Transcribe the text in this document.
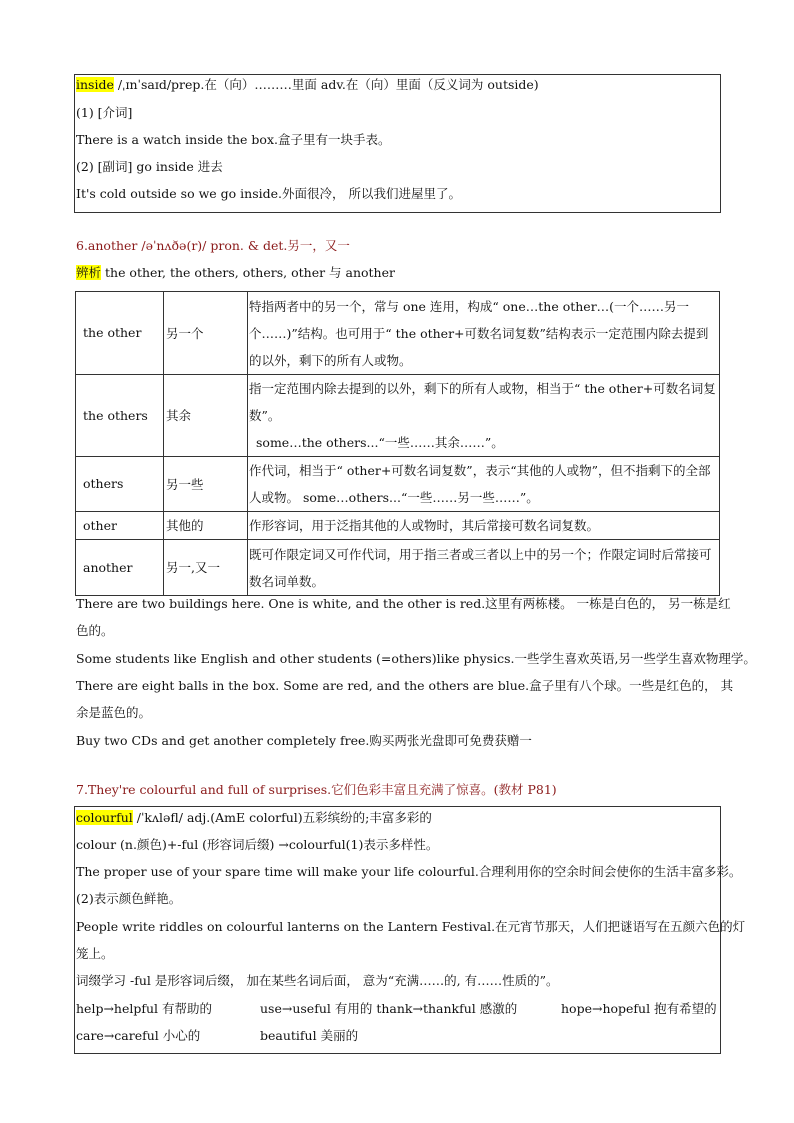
inside /ˌɪnˈsaɪd/prep.在（向）………里面 adv.在（向）里面（反义词为 outside)
(1) [介词]
There is a watch inside the box.盒子里有一块手表。
(2) [副词] go inside 进去
It's cold outside so we go inside.外面很冷， 所以我们进屋里了。
6.another /əˈnʌðə(r)/ pron. & det.另一，又一
辨析 the other, the others, others, other 与 another
the other	另一个	特指两者中的另一个，常与 one 连用，构成“ one…the other…(一个……另一个……)”结构。也可用于“ the other+可数名词复数”结构表示一定范围内除去提到的以外，剩下的所有人或物。
the others	其余	指一定范围内除去提到的以外，剩下的所有人或物，相当于“ the other+可数名词复数”。
some…the others...“一些……其余……”。

others	另一些	作代词，相当于“ other+可数名词复数”，表示“其他的人或物”，但不指剩下的全部人或物。 some…others...“一些……另一些……”。
other	其他的	作形容词，用于泛指其他的人或物时，其后常接可数名词复数。
another	另一,又一	既可作限定词又可作代词，用于指三者或三者以上中的另一个；作限定词时后常接可数名词单数。
There are two buildings here. One is white, and the other is red.这里有两栋楼。 一栋是白色的， 另一栋是红色的。
Some students like English and other students (=others)like physics.一些学生喜欢英语,另一些学生喜欢物理学。
There are eight balls in the box. Some are red, and the others are blue.盒子里有八个球。一些是红色的， 其余是蓝色的。
Buy two CDs and get another completely free.购买两张光盘即可免费获赠一
7.They're colourful and full of surprises.它们色彩丰富且充满了惊喜。(教材 P81)
colourful /ˈkʌləfl/ adj.(AmE colorful)五彩缤纷的;丰富多彩的
colour (n.颜色)+-ful (形容词后缀) →colourful(1)表示多样性。
The proper use of your spare time will make your life colourful.合理利用你的空余时间会使你的生活丰富多彩。
(2)表示颜色鲜艳。
People write riddles on colourful lanterns on the Lantern Festival.在元宵节那天，人们把谜语写在五颜六色的灯
笼上。
词缀学习 -ful 是形容词后缀， 加在某些名词后面， 意为“充满……的, 有……性质的”。
help→helpful 有帮助的	use→useful 有用的 thank→thankful 感激的	hope→hopeful 抱有希望的
care→careful 小心的	beautiful 美丽的
